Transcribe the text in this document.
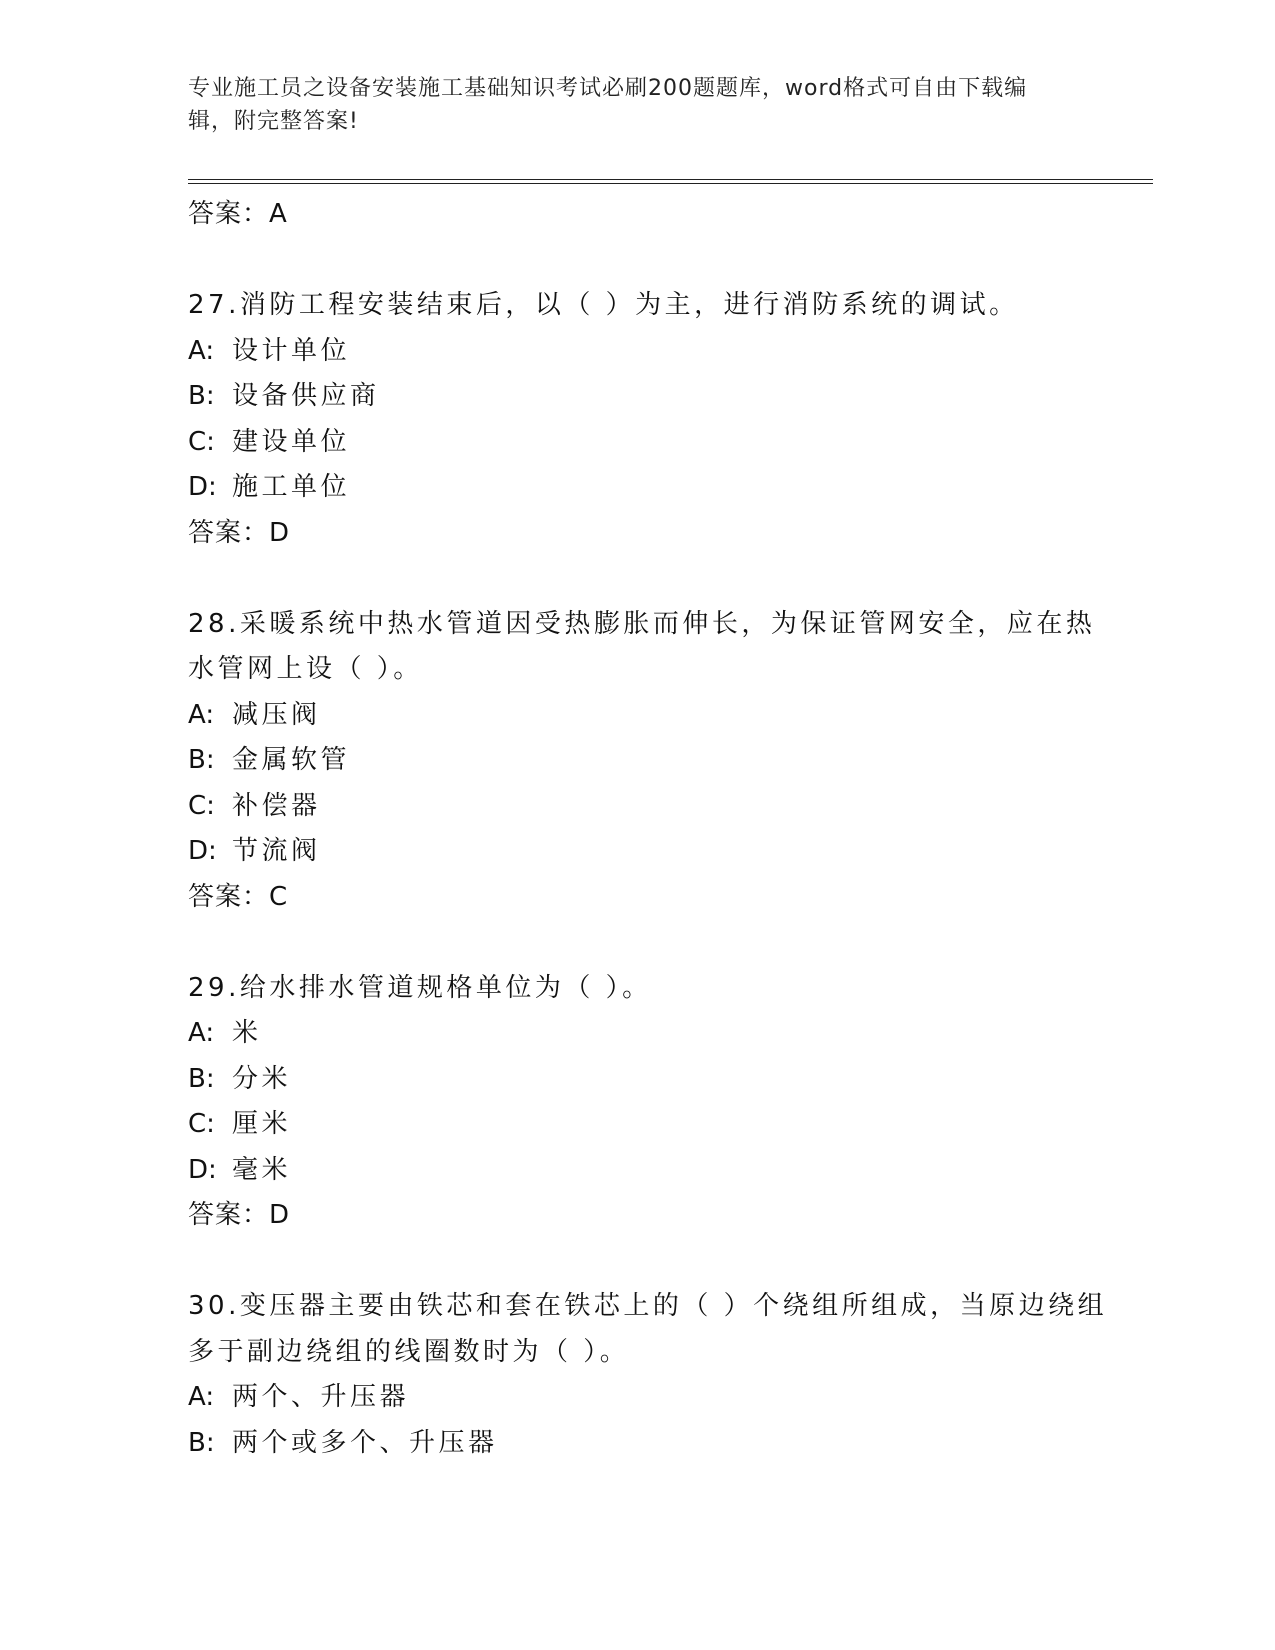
专业施工员之设备安装施工基础知识考试必刷200题题库，word格式可自由下载编辑，附完整答案!
答案：A
27.消防工程安装结束后，以（ ）为主，进行消防系统的调试。
A: 设计单位
B: 设备供应商
C: 建设单位
D: 施工单位
答案：D
28.采暖系统中热水管道因受热膨胀而伸长，为保证管网安全，应在热水管网上设（ ）。
A: 减压阀
B: 金属软管
C: 补偿器
D: 节流阀
答案：C
29.给水排水管道规格单位为（ ）。
A: 米
B: 分米
C: 厘米
D: 毫米
答案：D
30.变压器主要由铁芯和套在铁芯上的（ ）个绕组所组成，当原边绕组多于副边绕组的线圈数时为（ ）。
A: 两个、升压器
B: 两个或多个、升压器
